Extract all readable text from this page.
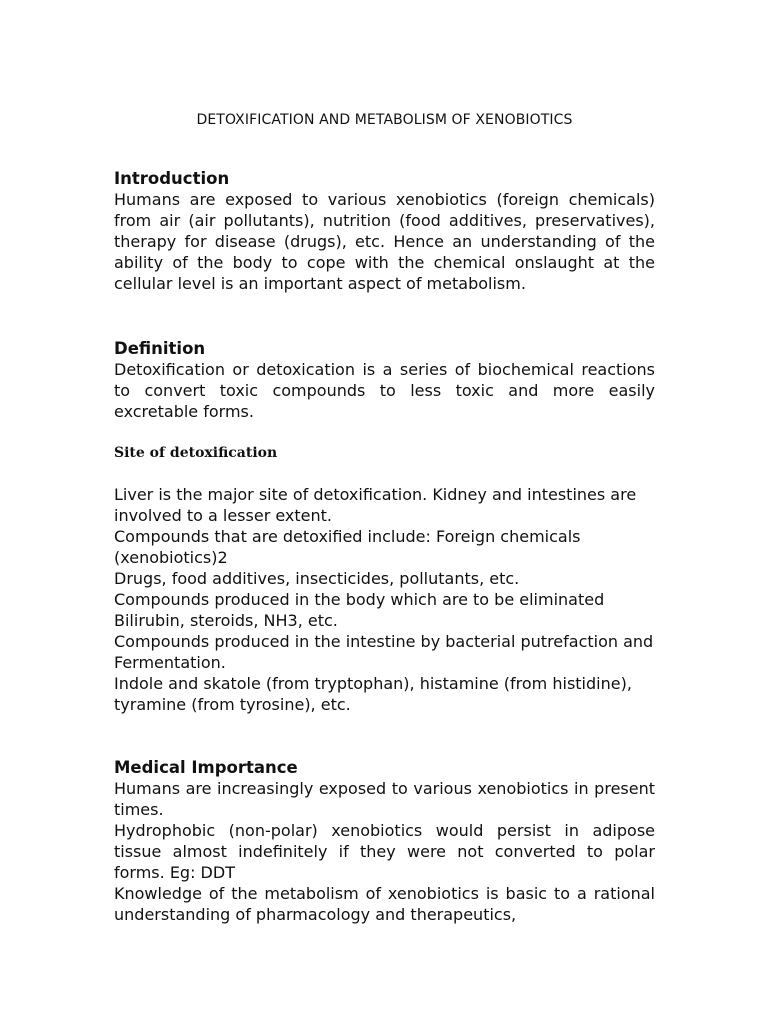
DETOXIFICATION AND METABOLISM OF XENOBIOTICS
Introduction

Humans are exposed to various xenobiotics (foreign chemicals) from air (air pollutants), nutrition (food additives, preservatives), therapy for disease (drugs), etc. Hence an understanding of the ability of the body to cope with the chemical onslaught at the cellular level is an important aspect of metabolism.

Definition

Detoxification or detoxication is a series of biochemical reactions to convert toxic compounds to less toxic and more easily excretable forms.

Site of detoxification

Liver is the major site of detoxification. Kidney and intestines are involved to a lesser extent.

Compounds that are detoxified include: Foreign chemicals (xenobiotics)2

Drugs, food additives, insecticides, pollutants, etc.

Compounds produced in the body which are to be eliminated Bilirubin, steroids, NH3, etc.

Compounds produced in the intestine by bacterial putrefaction and

Fermentation.

Indole and skatole (from tryptophan), histamine (from histidine), tyramine (from tyrosine), etc.

Medical Importance

Humans are increasingly exposed to various xenobiotics in present times.

Hydrophobic (non-polar) xenobiotics would persist in adipose tissue almost indefinitely if they were not converted to polar forms. Eg: DDT

Knowledge of the metabolism of xenobiotics is basic to a rational understanding of pharmacology and therapeutics,
